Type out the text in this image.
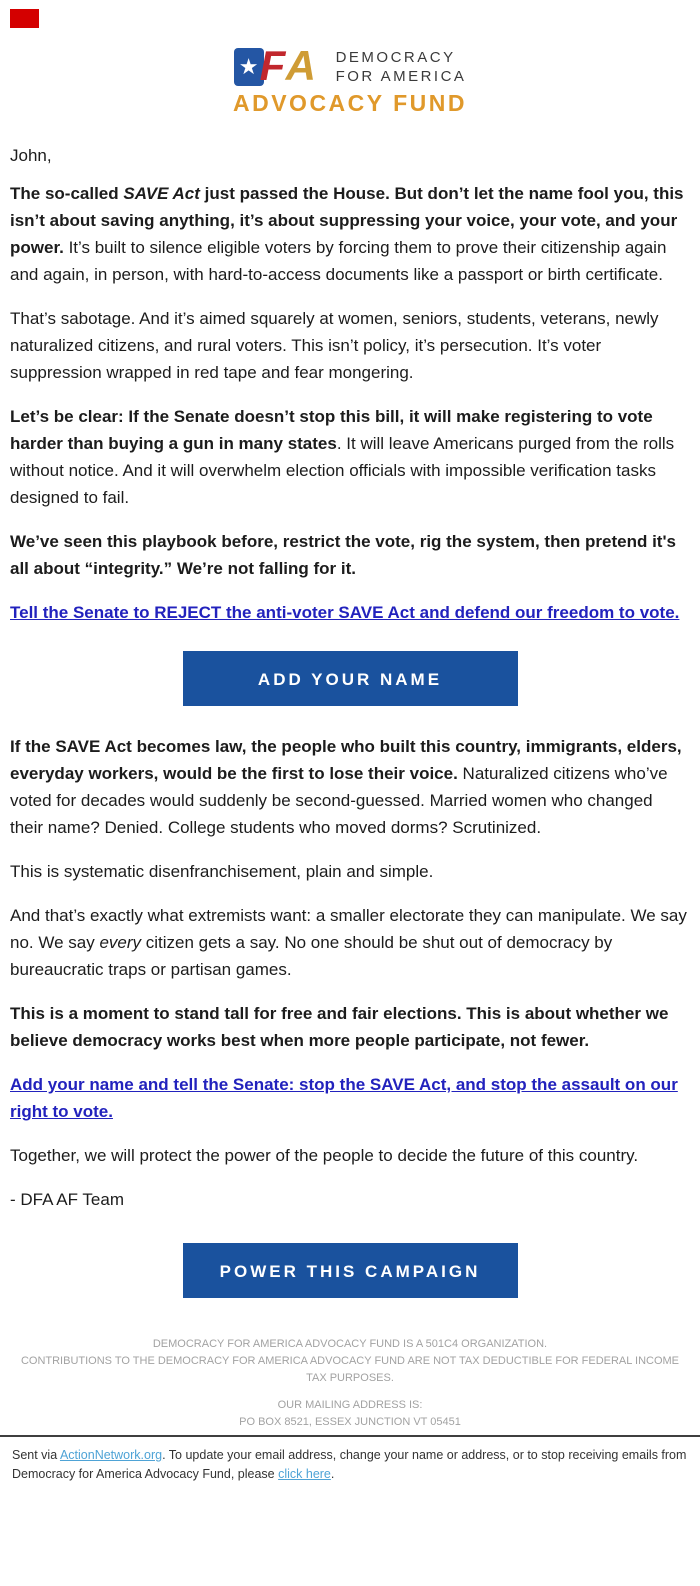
★ F A DEMOCRACY
FOR AMERICA
ADVOCACY FUND

John,

The so-called SAVE Act just passed the House. But don’t let the name fool you, this isn’t about saving anything, it’s about suppressing your voice, your vote, and your power. It’s built to silence eligible voters by forcing them to prove their citizenship again and again, in person, with hard-to-access documents like a passport or birth certificate.

That’s sabotage. And it’s aimed squarely at women, seniors, students, veterans, newly naturalized citizens, and rural voters. This isn’t policy, it’s persecution. It’s voter suppression wrapped in red tape and fear mongering.

Let’s be clear: If the Senate doesn’t stop this bill, it will make registering to vote harder than buying a gun in many states. It will leave Americans purged from the rolls without notice. And it will overwhelm election officials with impossible verification tasks designed to fail.

We’ve seen this playbook before, restrict the vote, rig the system, then pretend it's all about “integrity.” We’re not falling for it.

Tell the Senate to REJECT the anti-voter SAVE Act and defend our freedom to vote.
ADD YOUR NAME

If the SAVE Act becomes law, the people who built this country, immigrants, elders, everyday workers, would be the first to lose their voice. Naturalized citizens who’ve voted for decades would suddenly be second-guessed. Married women who changed their name? Denied. College students who moved dorms? Scrutinized.

This is systematic disenfranchisement, plain and simple.

And that’s exactly what extremists want: a smaller electorate they can manipulate. We say no. We say every citizen gets a say. No one should be shut out of democracy by bureaucratic traps or partisan games.

This is a moment to stand tall for free and fair elections. This is about whether we believe democracy works best when more people participate, not fewer.

Add your name and tell the Senate: stop the SAVE Act, and stop the assault on our right to vote.

Together, we will protect the power of the people to decide the future of this country.

- DFA AF Team

POWER THIS CAMPAIGN
DEMOCRACY FOR AMERICA ADVOCACY FUND IS A 501C4 ORGANIZATION.
CONTRIBUTIONS TO THE DEMOCRACY FOR AMERICA ADVOCACY FUND ARE NOT TAX DEDUCTIBLE FOR FEDERAL INCOME TAX PURPOSES.
OUR MAILING ADDRESS IS:
PO BOX 8521, ESSEX JUNCTION VT 05451
Sent via ActionNetwork.org. To update your email address, change your name or address, or to stop receiving emails from Democracy for America Advocacy Fund, please click here.
